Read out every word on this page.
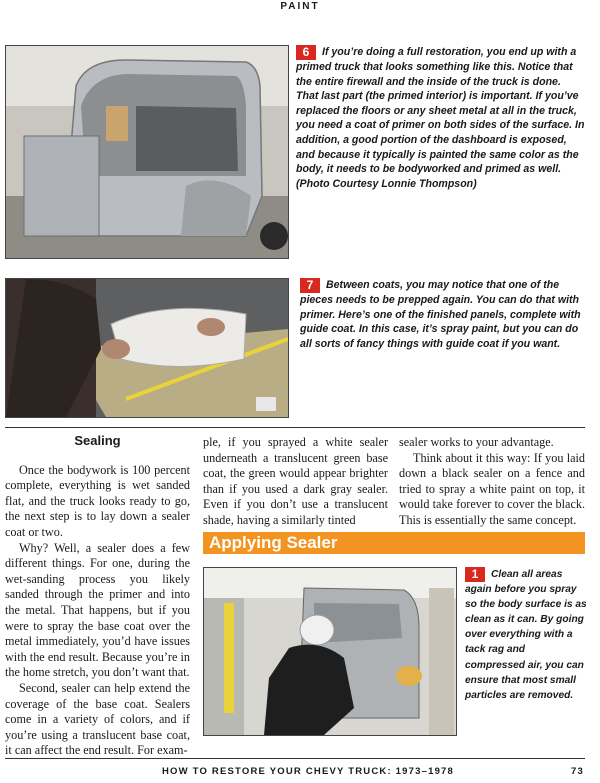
PAINT
6 If you’re doing a full restoration, you end up with a primed truck that looks something like this. Notice that the entire firewall and the inside of the truck is done. That last part (the primed interior) is important. If you’ve replaced the floors or any sheet metal at all in the truck, you need a coat of primer on both sides of the surface. In addition, a good portion of the dashboard is exposed, and because it typically is painted the same color as the body, it needs to be bodyworked and primed as well. (Photo Courtesy Lonnie Thompson)
7 Between coats, you may notice that one of the pieces needs to be prepped again. You can do that with primer. Here’s one of the finished panels, complete with guide coat. In this case, it’s spray paint, but you can do all sorts of fancy things with guide coat if you want.
Sealing

Once the bodywork is 100 percent complete, everything is wet sanded flat, and the truck looks ready to go, the next step is to lay down a sealer coat or two.

Why? Well, a sealer does a few different things. For one, during the wet-sanding process you likely sanded through the primer and into the metal. That happens, but if you were to spray the base coat over the metal immediately, you’d have issues with the end result. Because you’re in the home stretch, you don’t want that.

Second, sealer can help extend the coverage of the base coat. Sealers come in a variety of colors, and if you’re using a translucent base coat, it can affect the end result. For exam-

ple, if you sprayed a white sealer underneath a translucent green base coat, the green would appear brighter than if you used a dark gray sealer. Even if you don’t use a translucent shade, having a similarly tinted

sealer works to your advantage.

Think about it this way: If you laid down a black sealer on a fence and tried to spray a white paint on top, it would take forever to cover the black. This is essentially the same concept.

Applying Sealer
1 Clean all areas again before you spray so the body surface is as clean as it can. By going over everything with a tack rag and compressed air, you can ensure that most small particles are removed.
HOW TO RESTORE YOUR CHEVY TRUCK: 1973–1978	73
